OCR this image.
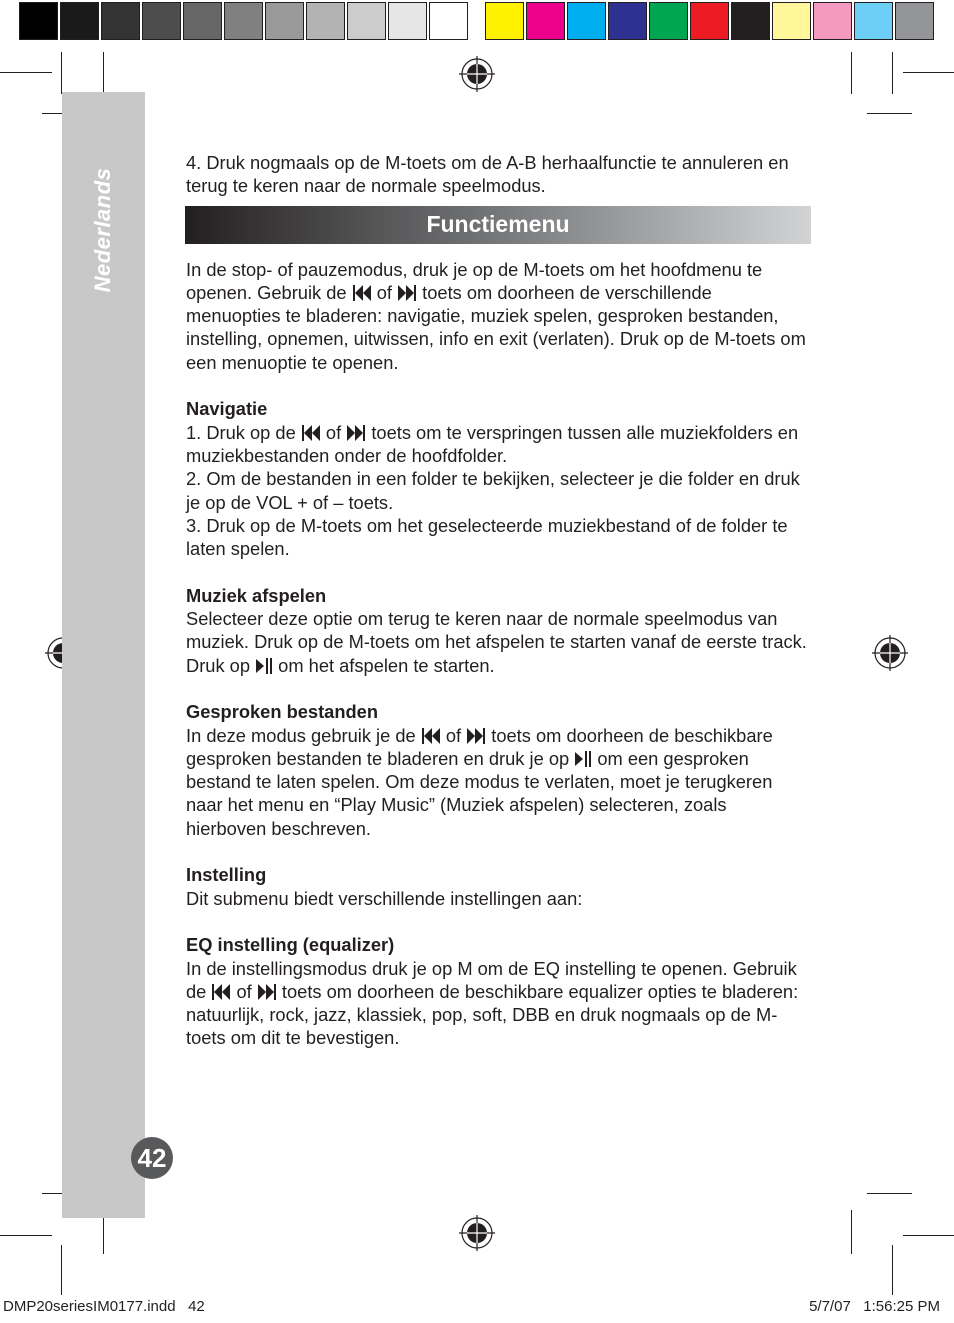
Nederlands
42

4. Druk nogmaals op de M-toets om de A-B herhaalfunctie te annuleren en terug te keren naar de normale speelmodus.

Functiemenu

In de stop- of pauzemodus, druk je op de M-toets om het hoofdmenu te openen. Gebruik de  of  toets om doorheen de verschillende menuopties te bladeren: navigatie, muziek spelen, gesproken bestanden, instelling, opnemen, uitwissen, info en exit (verlaten). Druk op de M-toets om een menuoptie te openen.

Navigatie

1. Druk op de  of  toets om te verspringen tussen alle muziekfolders en muziekbestanden onder de hoofdfolder.

2. Om de bestanden in een folder te bekijken, selecteer je die folder en druk je op de VOL + of – toets.

3. Druk op de M-toets om het geselecteerde muziekbestand of de folder te laten spelen.

Muziek afspelen

Selecteer deze optie om terug te keren naar de normale speelmodus van muziek. Druk op de M-toets om het afspelen te starten vanaf de eerste track. Druk op  om het afspelen te starten.

Gesproken bestanden

In deze modus gebruik je de  of  toets om doorheen de beschikbare gesproken bestanden te bladeren en druk je op  om een gesproken bestand te laten spelen. Om deze modus te verlaten, moet je terugkeren naar het menu en “Play Music” (Muziek afspelen) selecteren, zoals hierboven beschreven.

Instelling

Dit submenu biedt verschillende instellingen aan:

EQ instelling (equalizer)

In de instellingsmodus druk je op M om de EQ instelling te openen. Gebruik de  of  toets om doorheen de beschikbare equalizer opties te bladeren: natuurlijk, rock, jazz, klassiek, pop, soft, DBB en druk nogmaals op de M-toets om dit te bevestigen.

DMP20seriesIM0177.indd   42	5/7/07   1:56:25 PM
